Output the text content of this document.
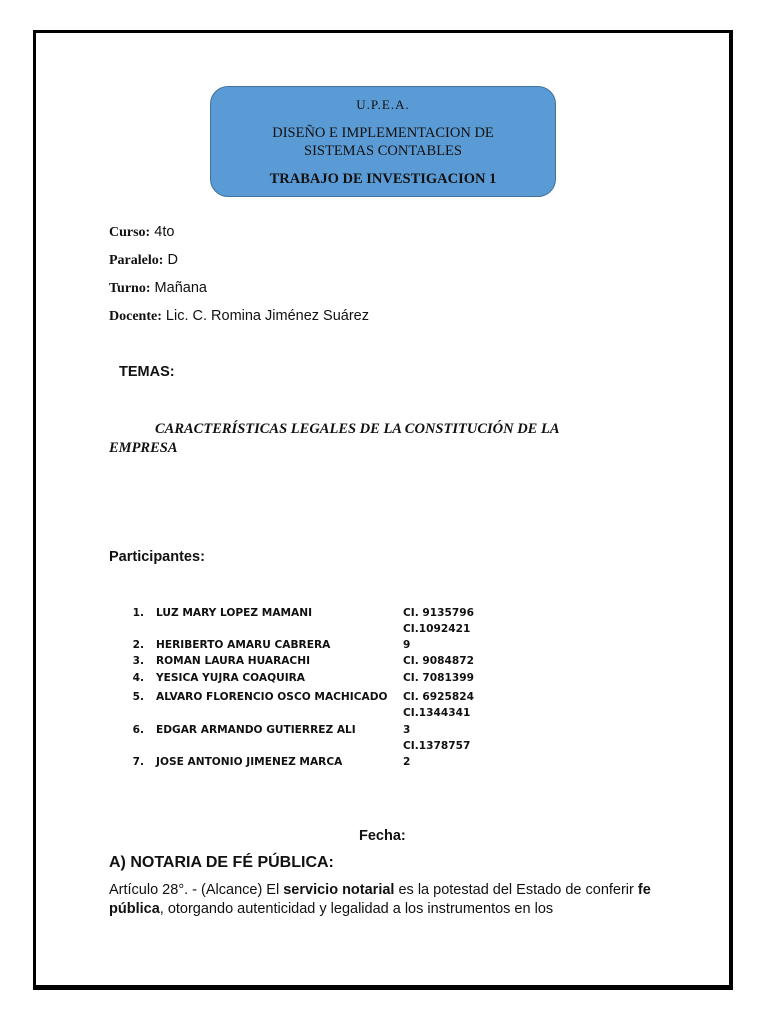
U.P.E.A.
DISEÑO E IMPLEMENTACION DE
SISTEMAS CONTABLES
TRABAJO DE INVESTIGACION 1
Curso: 4to
Paralelo: D
Turno: Mañana
Docente: Lic. C. Romina Jiménez Suárez
TEMAS:
CARACTERÍSTICAS LEGALES DE LA CONSTITUCIÓN DE LA EMPRESA
Participantes:
1. LUZ MARY LOPEZ MAMANI	CI. 9135796
CI.1092421
2. HERIBERTO AMARU CABRERA	9
3. ROMAN LAURA HUARACHI	CI. 9084872
4. YESICA YUJRA COAQUIRA	CI. 7081399
5. ALVARO FLORENCIO OSCO MACHICADO CI. 6925824
CI.1344341
6. EDGAR ARMANDO GUTIERREZ ALI	3
CI.1378757
7. JOSE ANTONIO JIMENEZ MARCA	2
Fecha:
A) NOTARIA DE FÉ PÚBLICA:
Artículo 28°. - (Alcance) El servicio notarial es la potestad del Estado de conferir fe pública, otorgando autenticidad y legalidad a los instrumentos en los
